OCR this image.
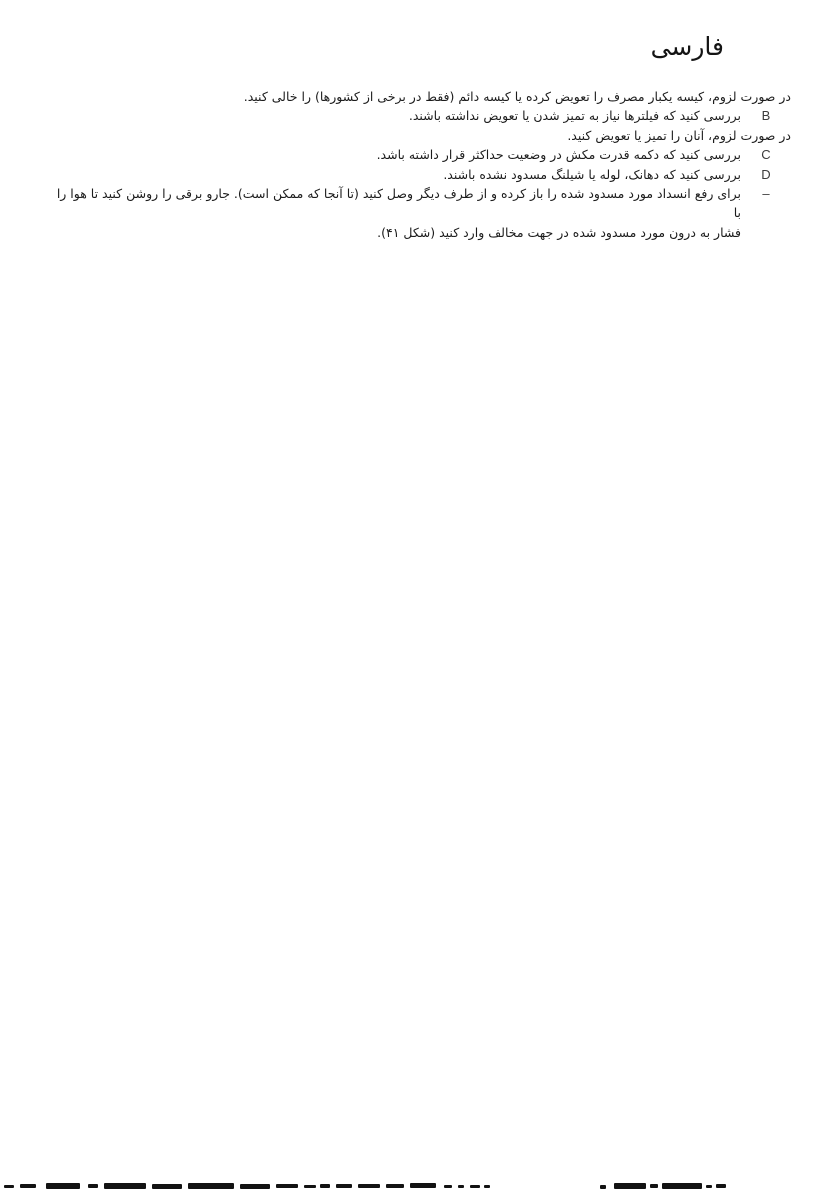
فارسی
در صورت لزوم، کیسه یکبار مصرف را تعویض کرده یا کیسه دائم (فقط در برخی از کشورها) را خالی کنید.
B
بررسی کنید که فیلترها نیاز به تمیز شدن یا تعویض نداشته باشند.
در صورت لزوم، آنان را تمیز یا تعویض کنید.
C
بررسی کنید که دکمه قدرت مکش در وضعیت حداکثر قرار داشته باشد.
D
بررسی کنید که دهانک، لوله یا شیلنگ مسدود نشده باشند.
–
برای رفع انسداد مورد مسدود شده را باز کرده و از طرف دیگر وصل کنید (تا آنجا که ممکن است). جارو برقی را روشن کنید تا هوا را با
فشار به درون مورد مسدود شده در جهت مخالف وارد کنید (شکل ۴۱).
